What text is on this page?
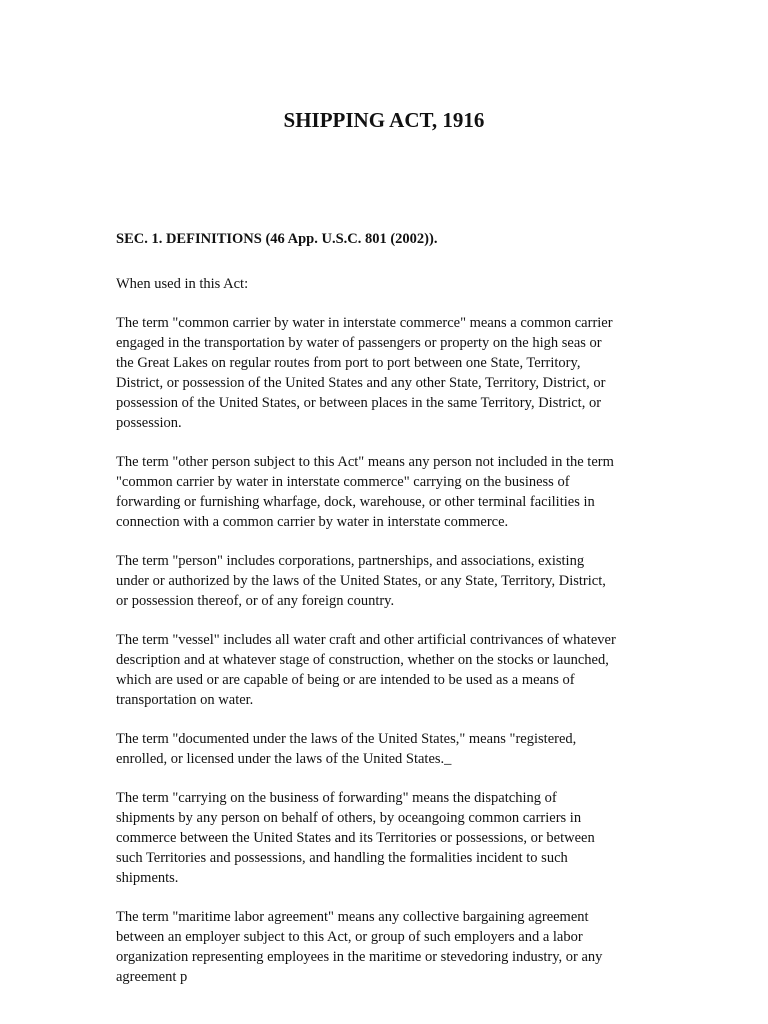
SHIPPING ACT, 1916
SEC. 1. DEFINITIONS (46 App. U.S.C. 801 (2002)).

When used in this Act:

The term "common carrier by water in interstate commerce" means a common carrier
engaged in the transportation by water of passengers or property on the high seas or
the Great Lakes on regular routes from port to port between one State, Territory,
District, or possession of the United States and any other State, Territory, District, or
possession of the United States, or between places in the same Territory, District, or
possession.

The term "other person subject to this Act" means any person not included in the term
"common carrier by water in interstate commerce" carrying on the business of
forwarding or furnishing wharfage, dock, warehouse, or other terminal facilities in
connection with a common carrier by water in interstate commerce.

The term "person" includes corporations, partnerships, and associations, existing
under or authorized by the laws of the United States, or any State, Territory, District,
or possession thereof, or of any foreign country.

The term "vessel" includes all water craft and other artificial contrivances of whatever
description and at whatever stage of construction, whether on the stocks or launched,
which are used or are capable of being or are intended to be used as a means of
transportation on water.

The term "documented under the laws of the United States," means "registered,
enrolled, or licensed under the laws of the United States._

The term "carrying on the business of forwarding" means the dispatching of
shipments by any person on behalf of others, by oceangoing common carriers in
commerce between the United States and its Territories or possessions, or between
such Territories and possessions, and handling the formalities incident to such
shipments.

The term "maritime labor agreement" means any collective bargaining agreement
between an employer subject to this Act, or group of such employers and a labor
organization representing employees in the maritime or stevedoring industry, or any
agreement p
